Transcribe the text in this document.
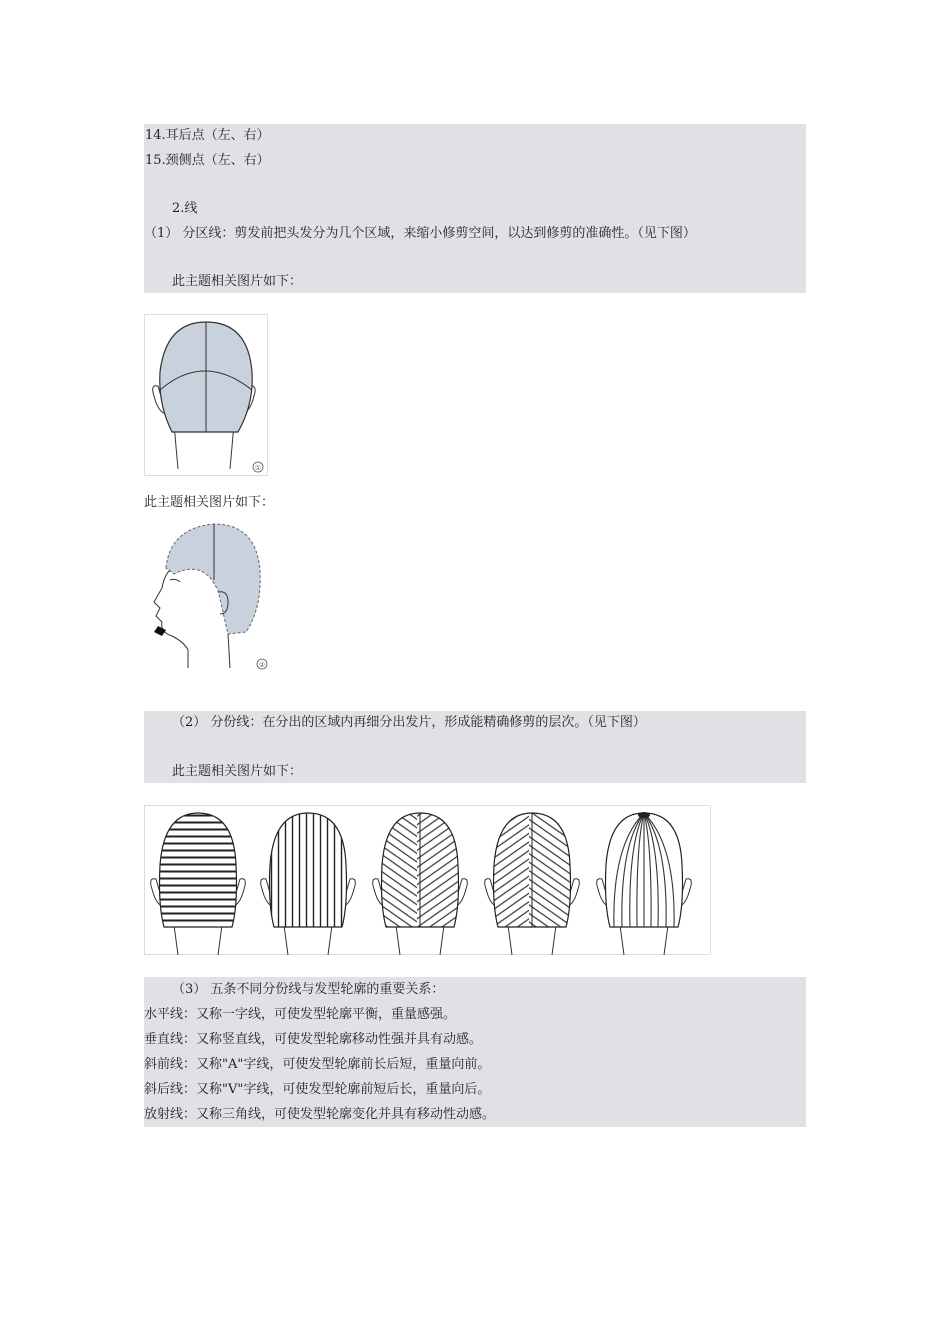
14.耳后点（左、右）
15.颈侧点（左、右）
2.线
（1） 分区线：剪发前把头发分为几个区域，来缩小修剪空间，以达到修剪的准确性。（见下图）
此主题相关图片如下：
①
此主题相关图片如下：
②
（2） 分份线：在分出的区域内再细分出发片，形成能精确修剪的层次。（见下图）
此主题相关图片如下：
（3） 五条不同分份线与发型轮廓的重要关系：
水平线：又称一字线，可使发型轮廓平衡，重量感强。
垂直线：又称竖直线，可使发型轮廓移动性强并具有动感。
斜前线：又称"A"字线，可使发型轮廓前长后短，重量向前。
斜后线：又称"V"字线，可使发型轮廓前短后长，重量向后。
放射线：又称三角线，可使发型轮廓变化并具有移动性动感。
